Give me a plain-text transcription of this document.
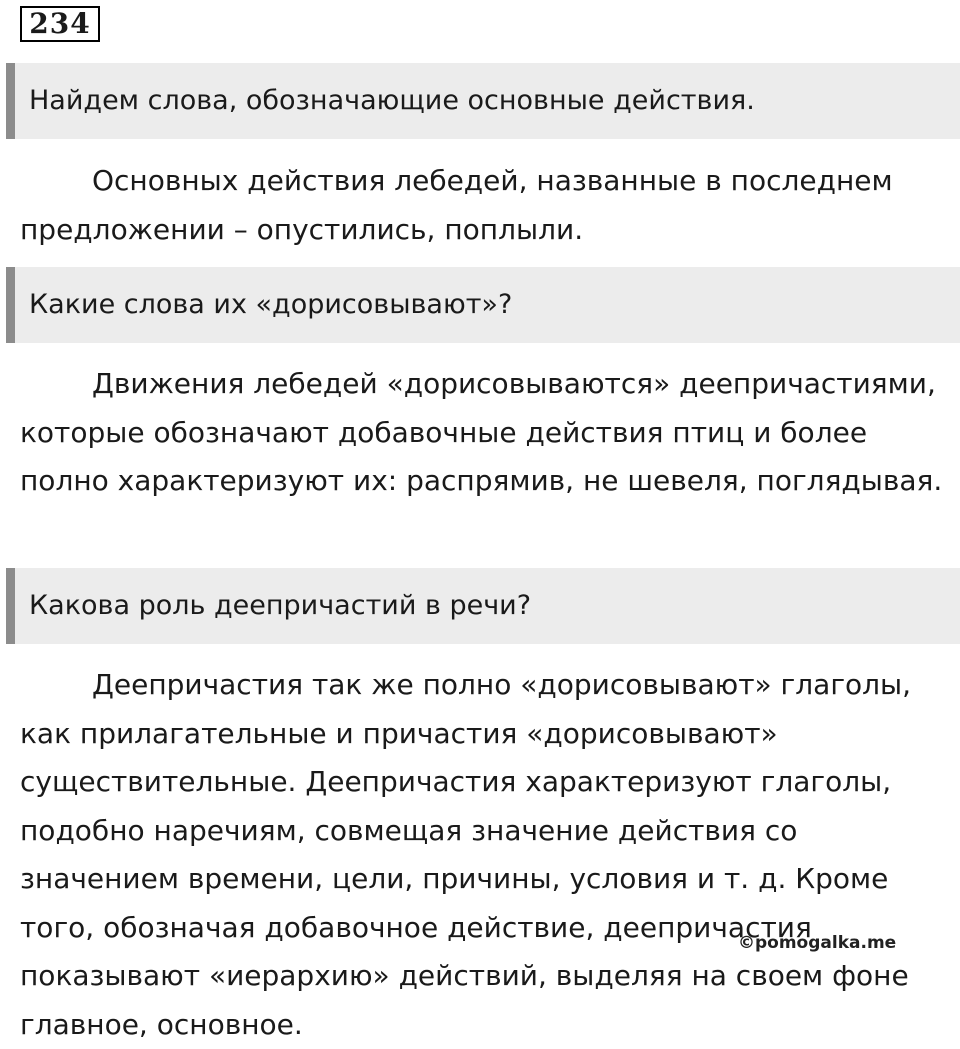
234
Найдем слова, обозначающие основные действия.

Основных действия лебедей, названные в последнем предложении – опустились, поплыли.

Какие слова их «дорисовывают»?

Движения лебедей «дорисовываются» деепричастиями, которые обозначают добавочные действия птиц и более полно характеризуют их: распрямив, не шевеля, поглядывая.

Какова роль деепричастий в речи?

Деепричастия так же полно «дорисовывают» глаголы, как прилагательные и причастия «дорисовывают» существительные. Деепричастия характеризуют глаголы, подобно наречиям, совмещая значение действия со значением времени, цели, причины, условия и т. д. Кроме того, обозначая добавочное действие, деепричастия показывают «иерархию» действий, выделяя на своем фоне главное, основное.

©pomogalka.me
